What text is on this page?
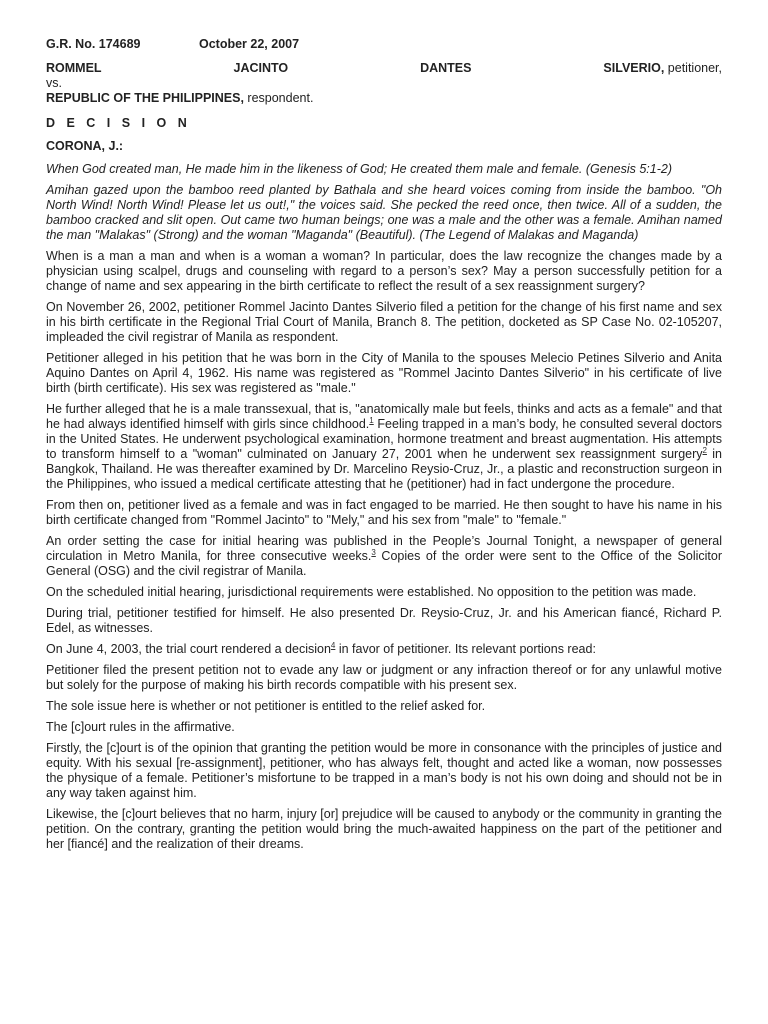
G.R. No. 174689	October 22, 2007
ROMMEL	JACINTO	DANTES	SILVERIO, petitioner,
vs.
REPUBLIC OF THE PHILIPPINES, respondent.
D E C I S I O N
CORONA, J.:

When God created man, He made him in the likeness of God; He created them male and female. (Genesis 5:1-2)

Amihan gazed upon the bamboo reed planted by Bathala and she heard voices coming from inside the bamboo. "Oh North Wind! North Wind! Please let us out!," the voices said. She pecked the reed once, then twice. All of a sudden, the bamboo cracked and slit open. Out came two human beings; one was a male and the other was a female. Amihan named the man "Malakas" (Strong) and the woman "Maganda" (Beautiful). (The Legend of Malakas and Maganda)

When is a man a man and when is a woman a woman? In particular, does the law recognize the changes made by a physician using scalpel, drugs and counseling with regard to a person’s sex? May a person successfully petition for a change of name and sex appearing in the birth certificate to reflect the result of a sex reassignment surgery?

On November 26, 2002, petitioner Rommel Jacinto Dantes Silverio filed a petition for the change of his first name and sex in his birth certificate in the Regional Trial Court of Manila, Branch 8. The petition, docketed as SP Case No. 02-105207, impleaded the civil registrar of Manila as respondent.

Petitioner alleged in his petition that he was born in the City of Manila to the spouses Melecio Petines Silverio and Anita Aquino Dantes on April 4, 1962. His name was registered as "Rommel Jacinto Dantes Silverio" in his certificate of live birth (birth certificate). His sex was registered as "male."

He further alleged that he is a male transsexual, that is, "anatomically male but feels, thinks and acts as a female" and that he had always identified himself with girls since childhood.$^1$ Feeling trapped in a man’s body, he consulted several doctors in the United States. He underwent psychological examination, hormone treatment and breast augmentation. His attempts to transform himself to a "woman" culminated on January 27, 2001 when he underwent sex reassignment surgery$^2$ in Bangkok, Thailand. He was thereafter examined by Dr. Marcelino Reysio-Cruz, Jr., a plastic and reconstruction surgeon in the Philippines, who issued a medical certificate attesting that he (petitioner) had in fact undergone the procedure.

From then on, petitioner lived as a female and was in fact engaged to be married. He then sought to have his name in his birth certificate changed from "Rommel Jacinto" to "Mely," and his sex from "male" to "female."

An order setting the case for initial hearing was published in the People’s Journal Tonight, a newspaper of general circulation in Metro Manila, for three consecutive weeks.$^3$ Copies of the order were sent to the Office of the Solicitor General (OSG) and the civil registrar of Manila.

On the scheduled initial hearing, jurisdictional requirements were established. No opposition to the petition was made.

During trial, petitioner testified for himself. He also presented Dr. Reysio-Cruz, Jr. and his American fiancé, Richard P. Edel, as witnesses.

On June 4, 2003, the trial court rendered a decision$^4$ in favor of petitioner. Its relevant portions read:

Petitioner filed the present petition not to evade any law or judgment or any infraction thereof or for any unlawful motive but solely for the purpose of making his birth records compatible with his present sex.

The sole issue here is whether or not petitioner is entitled to the relief asked for.

The [c]ourt rules in the affirmative.

Firstly, the [c]ourt is of the opinion that granting the petition would be more in consonance with the principles of justice and equity. With his sexual [re-assignment], petitioner, who has always felt, thought and acted like a woman, now possesses the physique of a female. Petitioner’s misfortune to be trapped in a man’s body is not his own doing and should not be in any way taken against him.

Likewise, the [c]ourt believes that no harm, injury [or] prejudice will be caused to anybody or the community in granting the petition. On the contrary, granting the petition would bring the much-awaited happiness on the part of the petitioner and her [fiancé] and the realization of their dreams.
